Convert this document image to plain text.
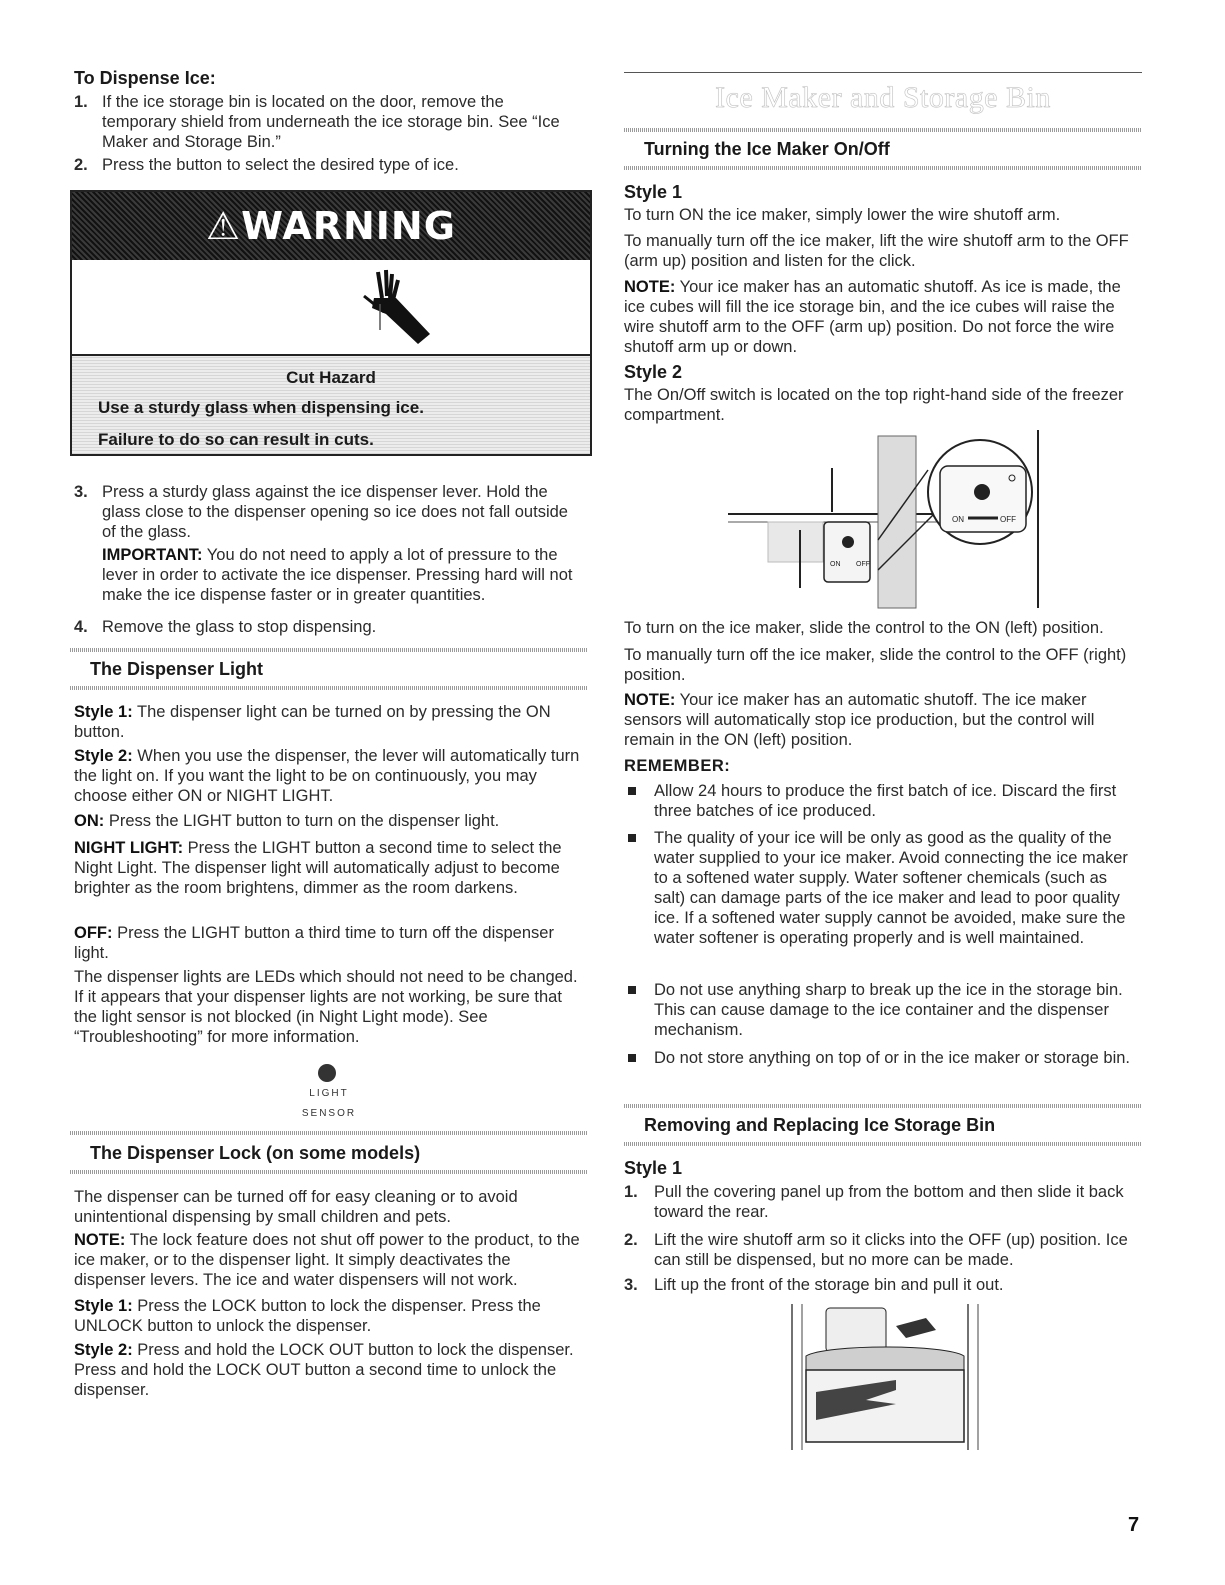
To Dispense Ice:
1. If the ice storage bin is located on the door, remove the temporary shield from underneath the ice storage bin. See “Ice Maker and Storage Bin.”
2. Press the button to select the desired type of ice.
⚠WARNING
Cut Hazard
Use a sturdy glass when dispensing ice.
Failure to do so can result in cuts.
3. Press a sturdy glass against the ice dispenser lever. Hold the glass close to the dispenser opening so ice does not fall outside of the glass.
IMPORTANT: You do not need to apply a lot of pressure to the lever in order to activate the ice dispenser. Pressing hard will not make the ice dispense faster or in greater quantities.
4. Remove the glass to stop dispensing.
The Dispenser Light
Style 1: The dispenser light can be turned on by pressing the ON button.
Style 2: When you use the dispenser, the lever will automatically turn the light on. If you want the light to be on continuously, you may choose either ON or NIGHT LIGHT.
ON: Press the LIGHT button to turn on the dispenser light.
NIGHT LIGHT: Press the LIGHT button a second time to select the Night Light. The dispenser light will automatically adjust to become brighter as the room brightens, dimmer as the room darkens.
OFF: Press the LIGHT button a third time to turn off the dispenser light.
The dispenser lights are LEDs which should not need to be changed. If it appears that your dispenser lights are not working, be sure that the light sensor is not blocked (in Night Light mode). See “Troubleshooting” for more information.
LIGHT SENSOR
The Dispenser Lock (on some models)
The dispenser can be turned off for easy cleaning or to avoid unintentional dispensing by small children and pets.
NOTE: The lock feature does not shut off power to the product, to the ice maker, or to the dispenser light. It simply deactivates the dispenser levers. The ice and water dispensers will not work.
Style 1: Press the LOCK button to lock the dispenser. Press the UNLOCK button to unlock the dispenser.
Style 2: Press and hold the LOCK OUT button to lock the dispenser. Press and hold the LOCK OUT button a second time to unlock the dispenser.
Ice Maker and Storage Bin
Turning the Ice Maker On/Off
Style 1
To turn ON the ice maker, simply lower the wire shutoff arm.
To manually turn off the ice maker, lift the wire shutoff arm to the OFF (arm up) position and listen for the click.
NOTE: Your ice maker has an automatic shutoff. As ice is made, the ice cubes will fill the ice storage bin, and the ice cubes will raise the wire shutoff arm to the OFF (arm up) position. Do not force the wire shutoff arm up or down.
Style 2
The On/Off switch is located on the top right-hand side of the freezer compartment.
ON OFF
ON	OFF
To turn on the ice maker, slide the control to the ON (left) position.
To manually turn off the ice maker, slide the control to the OFF (right) position.
NOTE: Your ice maker has an automatic shutoff. The ice maker sensors will automatically stop ice production, but the control will remain in the ON (left) position.
REMEMBER:
Allow 24 hours to produce the first batch of ice. Discard the first three batches of ice produced.
The quality of your ice will be only as good as the quality of the water supplied to your ice maker. Avoid connecting the ice maker to a softened water supply. Water softener chemicals (such as salt) can damage parts of the ice maker and lead to poor quality ice. If a softened water supply cannot be avoided, make sure the water softener is operating properly and is well maintained.
Do not use anything sharp to break up the ice in the storage bin. This can cause damage to the ice container and the dispenser mechanism.
Do not store anything on top of or in the ice maker or storage bin.
Removing and Replacing Ice Storage Bin
Style 1
1. Pull the covering panel up from the bottom and then slide it back toward the rear.
2. Lift the wire shutoff arm so it clicks into the OFF (up) position. Ice can still be dispensed, but no more can be made.
3. Lift up the front of the storage bin and pull it out.
7
